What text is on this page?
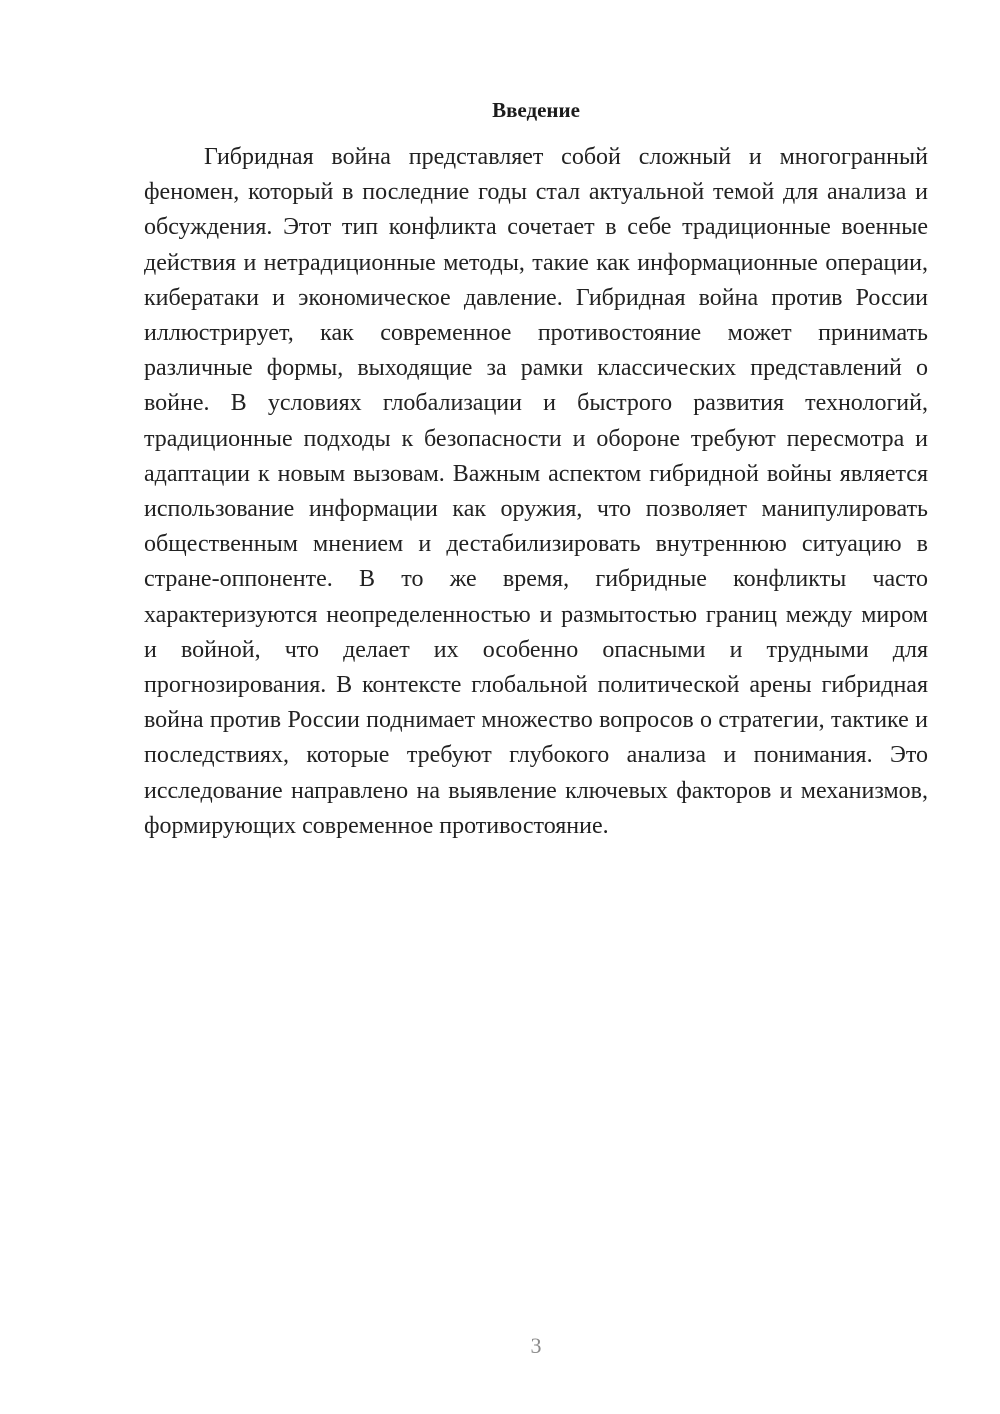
Введение

Гибридная война представляет собой сложный и многогранный феномен, который в последние годы стал актуальной темой для анализа и обсуждения. Этот тип конфликта сочетает в себе традиционные военные действия и нетрадиционные методы, такие как информационные операции, кибератаки и экономическое давление. Гибридная война против России иллюстрирует, как современное противостояние может принимать различные формы, выходящие за рамки классических представлений о войне. В условиях глобализации и быстрого развития технологий, традиционные подходы к безопасности и обороне требуют пересмотра и адаптации к новым вызовам. Важным аспектом гибридной войны является использование информации как оружия, что позволяет манипулировать общественным мнением и дестабилизировать внутреннюю ситуацию в стране-оппоненте. В то же время, гибридные конфликты часто характеризуются неопределенностью и размытостью границ между миром и войной, что делает их особенно опасными и трудными для прогнозирования. В контексте глобальной политической арены гибридная война против России поднимает множество вопросов о стратегии, тактике и последствиях, которые требуют глубокого анализа и понимания. Это исследование направлено на выявление ключевых факторов и механизмов, формирующих современное противостояние.

3
